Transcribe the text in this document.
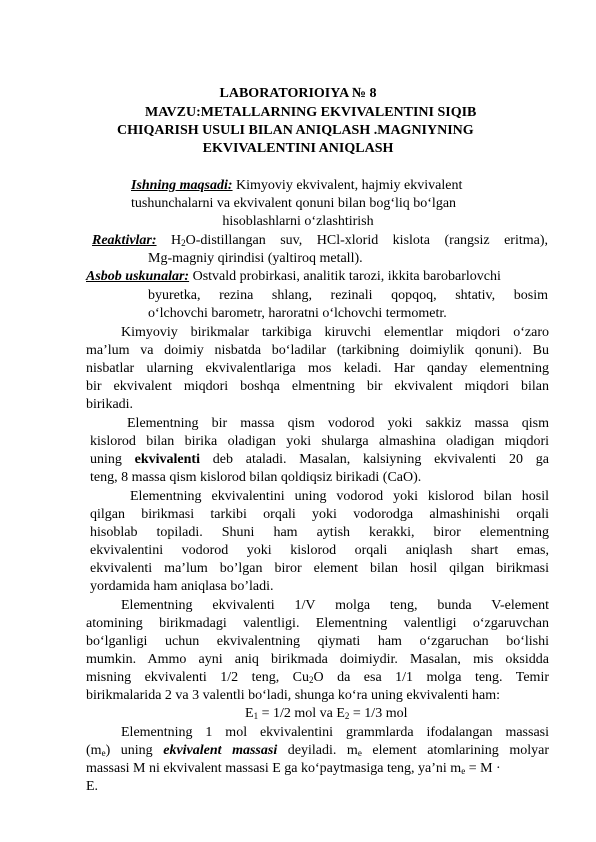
LABORATORIOIYA № 8
MAVZU:METALLARNING EKVIVALENTINI SIQIB
CHIQARISH USULI BILAN ANIQLASH .MAGNIYNING
EKVIVALENTINI ANIQLASH
Ishning maqsadi: Kimyoviy ekvivalent, hajmiy ekvivalent
tushunchalarni va ekvivalent qonuni bilan bog‘liq bo‘lgan
hisoblashlarni o‘zlashtirish
Reaktivlar: $H_2O$-distillangan suv, HCl-xlorid kislota (rangsiz eritma),
Mg-magniy qirindisi (yaltiroq metall).
Asbob uskunalar: Ostvald probirkasi, analitik tarozi, ikkita barobarlovchi
byuretka, rezina shlang, rezinali qopqoq, shtativ, bosim
o‘lchovchi barometr, haroratni o‘lchovchi termometr.
Kimyoviy birikmalar tarkibiga kiruvchi elementlar miqdori o‘zaro
ma’lum va doimiy nisbatda bo‘ladilar (tarkibning doimiylik qonuni). Bu
nisbatlar ularning ekvivalentlariga mos keladi. Har qanday elementning
bir ekvivalent miqdori boshqa elmentning bir ekvivalent miqdori bilan
birikadi.
Elementning bir massa qism vodorod yoki sakkiz massa qism
kislorod bilan birika oladigan yoki shularga almashina oladigan miqdori
uning ekvivalenti deb ataladi. Masalan, kalsiyning ekvivalenti 20 ga
teng, 8 massa qism kislorod bilan qoldiqsiz birikadi (CaO).
Elementning ekvivalentini uning vodorod yoki kislorod bilan hosil
qilgan birikmasi tarkibi orqali yoki vodorodga almashinishi orqali
hisoblab topiladi. Shuni ham aytish kerakki, biror elementning
ekvivalentini vodorod yoki kislorod orqali aniqlash shart emas,
ekvivalenti ma’lum bo’lgan biror element bilan hosil qilgan birikmasi
yordamida ham aniqlasa bo’ladi.
Elementning ekvivalenti 1/V molga teng, bunda V-element
atomining birikmadagi valentligi. Elementning valentligi o‘zgaruvchan
bo‘lganligi uchun ekvivalentning qiymati ham o‘zgaruchan bo‘lishi
mumkin. Ammo ayni aniq birikmada doimiydir. Masalan, mis oksidda
misning ekvivalenti 1/2 teng, $Cu_2O$ da esa 1/1 molga teng. Temir
birikmalarida 2 va 3 valentli bo‘ladi, shunga ko‘ra uning ekvivalenti ham:
$E_1 = 1/2$ mol va $E_2 = 1/3$ mol
Elementning 1 mol ekvivalentini grammlarda ifodalangan massasi
$(m_e)$ uning ekvivalent massasi deyiladi. $m_e$ element atomlarining molyar
massasi M ni ekvivalent massasi E ga ko‘paytmasiga teng, ya’ni $m_e = M$ ·
E.
